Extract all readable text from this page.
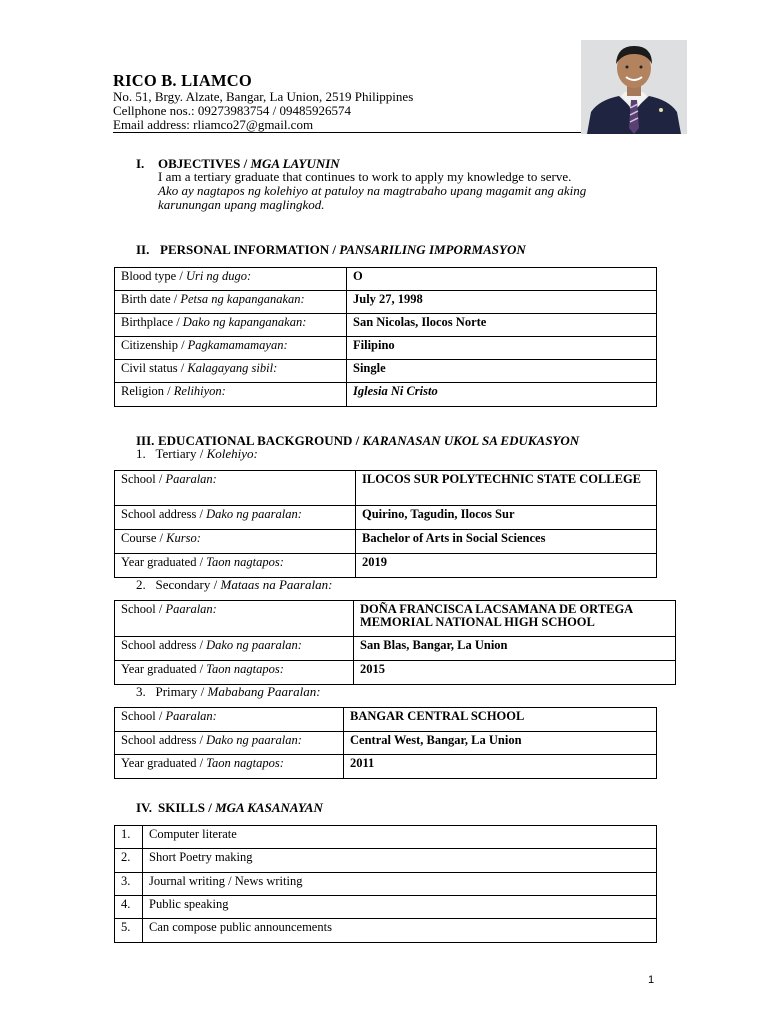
RICO B. LIAMCO
No. 51, Brgy. Alzate, Bangar, La Union, 2519 Philippines
Cellphone nos.: 09273983754 / 09485926574
Email address: rliamco27@gmail.com
I. OBJECTIVES / MGA LAYUNIN
I am a tertiary graduate that continues to work to apply my knowledge to serve.
Ako ay nagtapos ng kolehiyo at patuloy na magtrabaho upang magamit ang aking
karunungan upang maglingkod.
II. PERSONAL INFORMATION / PANSARILING IMPORMASYON
Blood type / Uri ng dugo:	O
Birth date / Petsa ng kapanganakan:	July 27, 1998
Birthplace / Dako ng kapanganakan:	San Nicolas, Ilocos Norte
Citizenship / Pagkamamamayan:	Filipino
Civil status / Kalagayang sibil:	Single
Religion / Relihiyon:	Iglesia Ni Cristo
III. EDUCATIONAL BACKGROUND / KARANASAN UKOL SA EDUKASYON
1. Tertiary / Kolehiyo:
School / Paaralan:	ILOCOS SUR POLYTECHNIC STATE COLLEGE
School address / Dako ng paaralan:	Quirino, Tagudin, Ilocos Sur
Course / Kurso:	Bachelor of Arts in Social Sciences
Year graduated / Taon nagtapos:	2019
2. Secondary / Mataas na Paaralan:
School / Paaralan:	DOÑA FRANCISCA LACSAMANA DE ORTEGA MEMORIAL NATIONAL HIGH SCHOOL
School address / Dako ng paaralan:	San Blas, Bangar, La Union
Year graduated / Taon nagtapos:	2015
3. Primary / Mababang Paaralan:
School / Paaralan:	BANGAR CENTRAL SCHOOL
School address / Dako ng paaralan:	Central West, Bangar, La Union
Year graduated / Taon nagtapos:	2011
IV. SKILLS / MGA KASANAYAN
1.	Computer literate
2.	Short Poetry making
3.	Journal writing / News writing
4.	Public speaking
5.	Can compose public announcements
1
